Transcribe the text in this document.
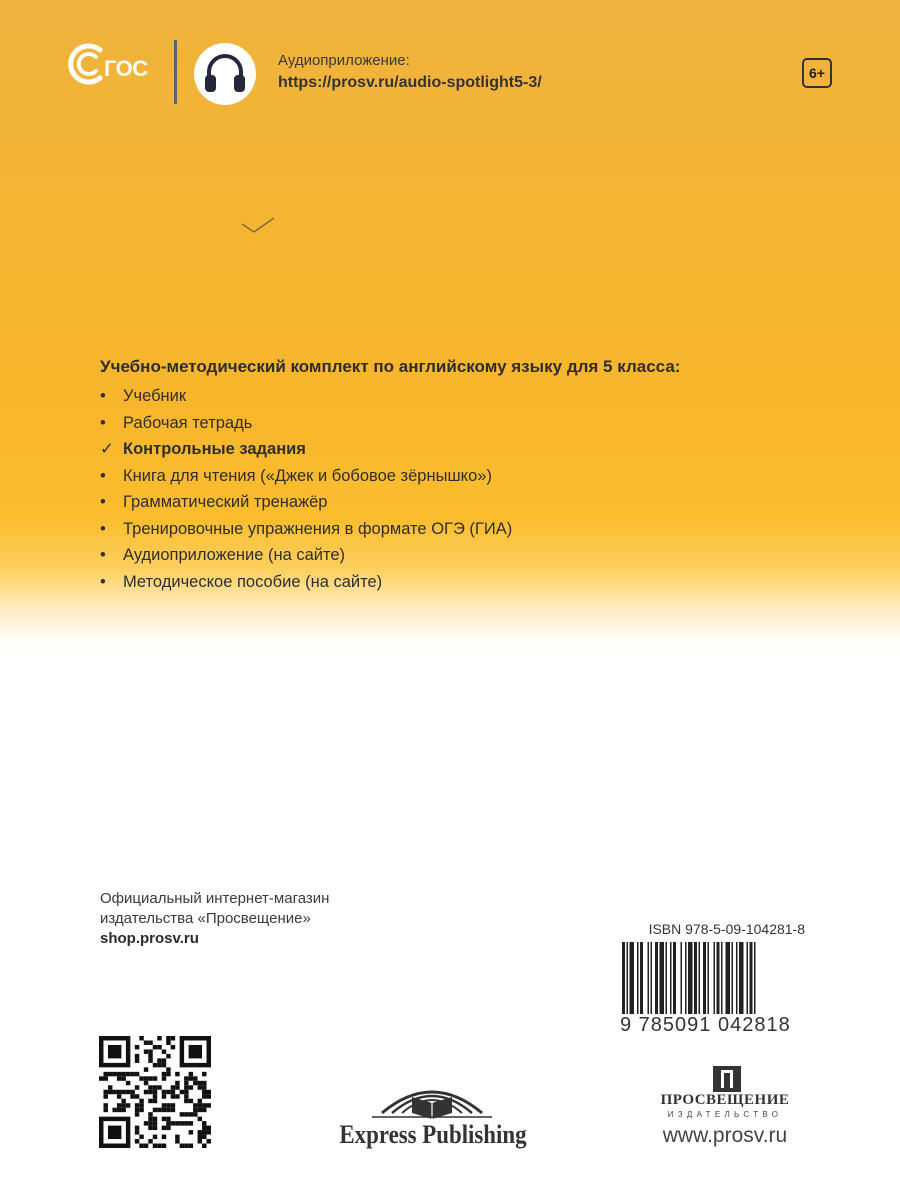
ГОС	Аудиоприложение:
https://prosv.ru/audio-spotlight5-3/
6+
Учебно-методический комплект по английскому языку для 5 класса:
•	Учебник
•	Рабочая тетрадь
✓ Контрольные задания
•	Книга для чтения («Джек и бобовое зёрнышко»)
•	Грамматический тренажёр
•	Тренировочные упражнения в формате ОГЭ (ГИА)
•	Аудиоприложение (на сайте)
•	Методическое пособие (на сайте)
Официальный интернет-магазин
издательства «Просвещение»
shop.prosv.ru
ISBN 978-5-09-104281-8
9 785091 042818
Express Publishing
ПРОСВЕЩЕНИЕ
ИЗДАТЕЛЬСТВО
www.prosv.ru
